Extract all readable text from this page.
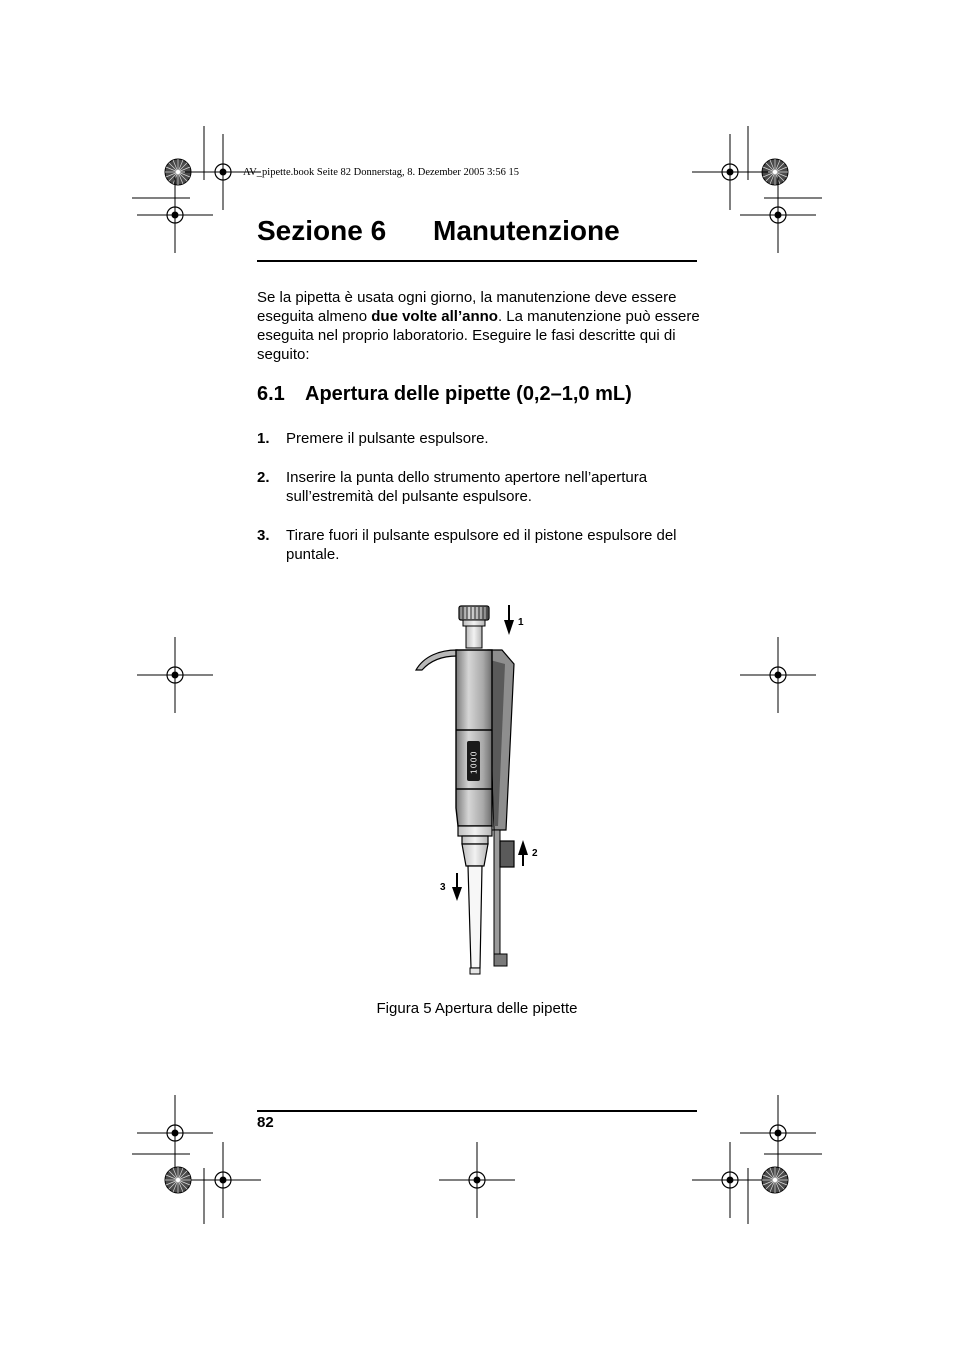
AV_pipette.book Seite 82 Donnerstag, 8. Dezember 2005 3:56 15
Sezione 6 Manutenzione

Se la pipetta è usata ogni giorno, la manutenzione deve essere eseguita almeno due volte all’anno. La manutenzione può essere eseguita nel proprio laboratorio. Eseguire le fasi descritte qui di seguito:

6.1 Apertura delle pipette (0,2–1,0 mL)
1. Premere il pulsante espulsore.
2. Inserire la punta dello strumento apertore nell’apertura sull’estremità del pulsante espulsore.
3. Tirare fuori il pulsante espulsore ed il pistone espulsore del puntale.
1000
1
2
3

Figura 5 Apertura delle pipette

82
